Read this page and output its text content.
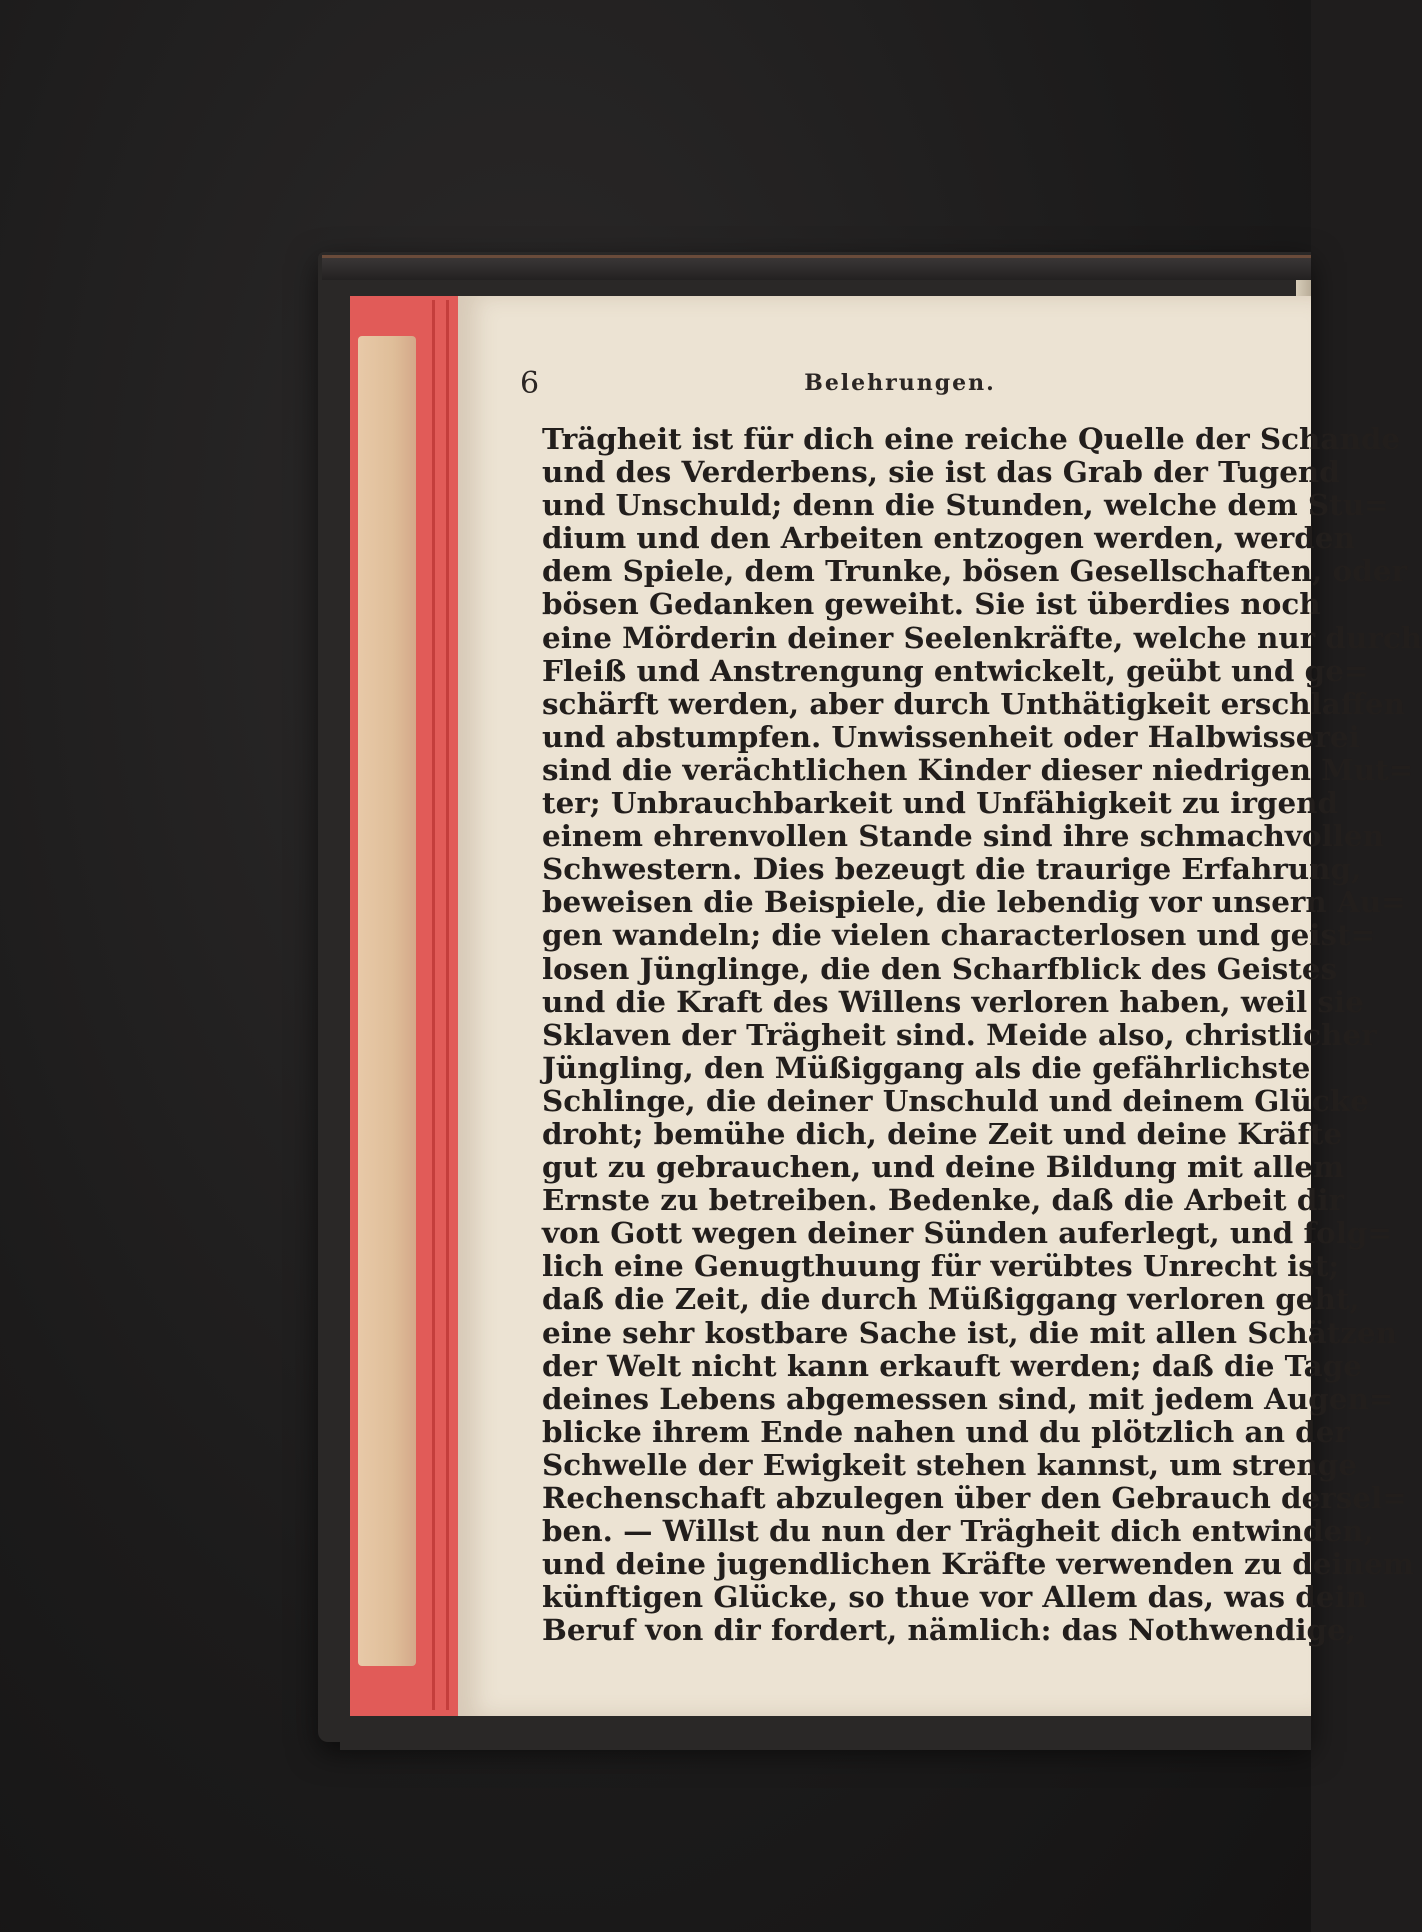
6	Belehrungen.
Trägheit ist für dich eine reiche Quelle der Schande
und des Verderbens, sie ist das Grab der Tugend
und Unschuld; denn die Stunden, welche dem Stu=
dium und den Arbeiten entzogen werden, werden
dem Spiele, dem Trunke, bösen Gesellschaften, oder
bösen Gedanken geweiht. Sie ist überdies noch
eine Mörderin deiner Seelenkräfte, welche nur durch
Fleiß und Anstrengung entwickelt, geübt und ge=
schärft werden, aber durch Unthätigkeit erschlaffen
und abstumpfen. Unwissenheit oder Halbwisserei
sind die verächtlichen Kinder dieser niedrigen Mut=
ter; Unbrauchbarkeit und Unfähigkeit zu irgend
einem ehrenvollen Stande sind ihre schmachvollen
Schwestern. Dies bezeugt die traurige Erfahrung,
beweisen die Beispiele, die lebendig vor unsern Au=
gen wandeln; die vielen characterlosen und geist=
losen Jünglinge, die den Scharfblick des Geistes
und die Kraft des Willens verloren haben, weil sie
Sklaven der Trägheit sind. Meide also, christlicher
Jüngling, den Müßiggang als die gefährlichste
Schlinge, die deiner Unschuld und deinem Glücke
droht; bemühe dich, deine Zeit und deine Kräfte
gut zu gebrauchen, und deine Bildung mit allem
Ernste zu betreiben. Bedenke, daß die Arbeit dir
von Gott wegen deiner Sünden auferlegt, und folg=
lich eine Genugthuung für verübtes Unrecht ist;
daß die Zeit, die durch Müßiggang verloren geht,
eine sehr kostbare Sache ist, die mit allen Schätzen
der Welt nicht kann erkauft werden; daß die Tage
deines Lebens abgemessen sind, mit jedem Augen=
blicke ihrem Ende nahen und du plötzlich an der
Schwelle der Ewigkeit stehen kannst, um strenge
Rechenschaft abzulegen über den Gebrauch dersel=
ben. — Willst du nun der Trägheit dich entwinden,
und deine jugendlichen Kräfte verwenden zu deinem
künftigen Glücke, so thue vor Allem das, was dein
Beruf von dir fordert, nämlich: das Nothwendige,
